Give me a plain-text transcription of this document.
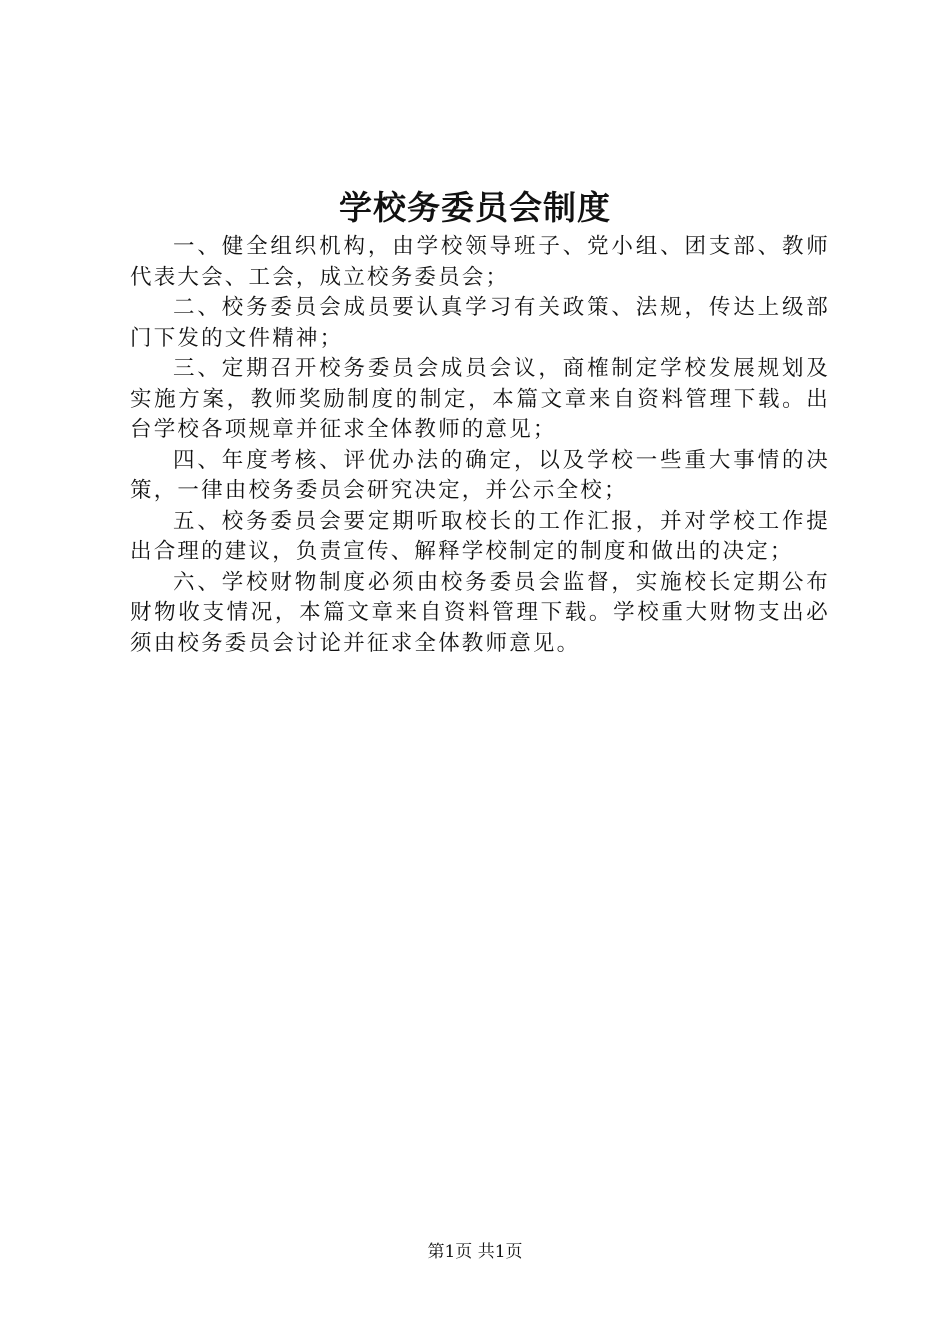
学校务委员会制度

一、健全组织机构，由学校领导班子、党小组、团支部、教师代表大会、工会，成立校务委员会；

二、校务委员会成员要认真学习有关政策、法规，传达上级部门下发的文件精神；

三、定期召开校务委员会成员会议，商榷制定学校发展规划及实施方案，教师奖励制度的制定，本篇文章来自资料管理下载。出台学校各项规章并征求全体教师的意见；

四、年度考核、评优办法的确定，以及学校一些重大事情的决策，一律由校务委员会研究决定，并公示全校；

五、校务委员会要定期听取校长的工作汇报，并对学校工作提出合理的建议，负责宣传、解释学校制定的制度和做出的决定；

六、学校财物制度必须由校务委员会监督，实施校长定期公布财物收支情况，本篇文章来自资料管理下载。学校重大财物支出必须由校务委员会讨论并征求全体教师意见。

第1页 共1页
